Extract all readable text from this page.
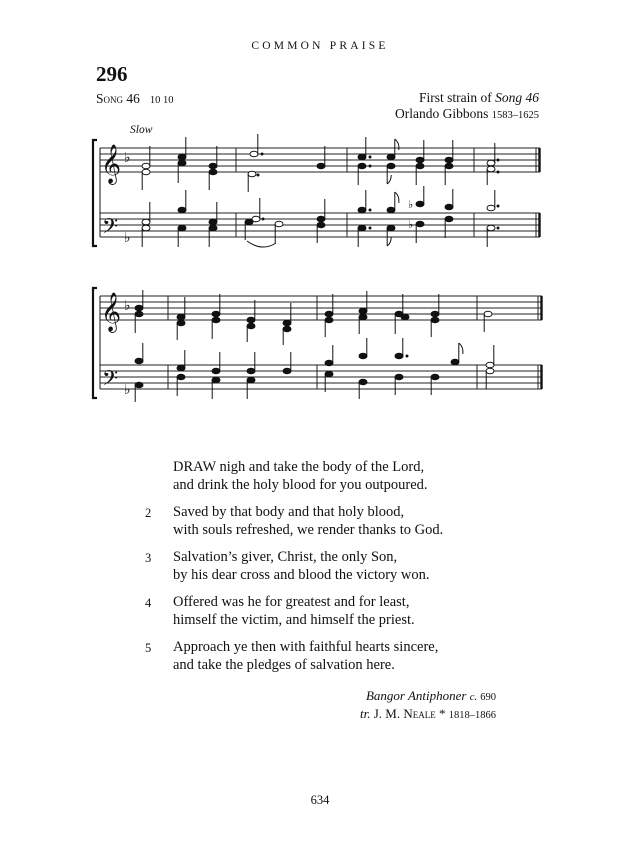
COMMON PRAISE
296
Song 46 10 10	First strain of Song 46
Orlando Gibbons 1583–1625
Slow
𝄞
𝄢
𝄞
𝄢
♭
♭
♭
♭
♭
♭
DRAW nigh and take the body of the Lord,
and drink the holy blood for you outpoured.
2 Saved by that body and that holy blood,
with souls refreshed, we render thanks to God.
3 Salvation’s giver, Christ, the only Son,
by his dear cross and blood the victory won.
4 Offered was he for greatest and for least,
himself the victim, and himself the priest.
5 Approach ye then with faithful hearts sincere,
and take the pledges of salvation here.
Bangor Antiphoner c. 690
tr. J. M. Neale * 1818–1866
634
